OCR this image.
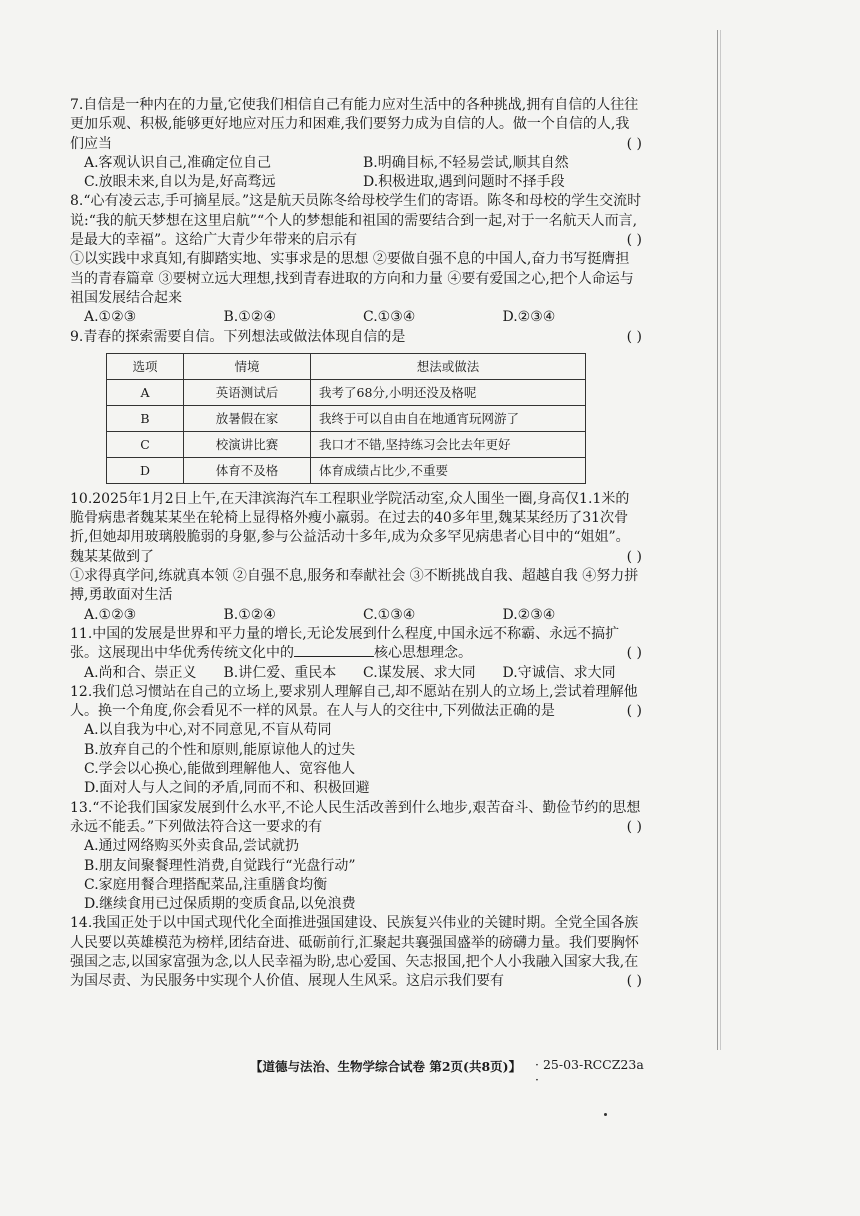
7.自信是一种内在的力量,它使我们相信自己有能力应对生活中的各种挑战,拥有自信的人往往更加乐观、积极,能够更好地应对压力和困难,我们要努力成为自信的人。做一个自信的人,我们应当	( )

A.客观认识自己,准确定位自己	B.明确目标,不轻易尝试,顺其自然
C.放眼未来,自以为是,好高骛远	D.积极进取,遇到问题时不择手段

8.“心有凌云志,手可摘星辰。”这是航天员陈冬给母校学生们的寄语。陈冬和母校的学生交流时说:“我的航天梦想在这里启航”“个人的梦想能和祖国的需要结合到一起,对于一名航天人而言,是最大的幸福”。这给广大青少年带来的启示有	( )

①以实践中求真知,有脚踏实地、实事求是的思想 ②要做自强不息的中国人,奋力书写挺膺担当的青春篇章 ③要树立远大理想,找到青春进取的方向和力量 ④要有爱国之心,把个人命运与祖国发展结合起来

A.①②③	B.①②④	C.①③④	D.②③④

9.青春的探索需要自信。下列想法或做法体现自信的是	( )

选项	情境	想法或做法
A	英语测试后	我考了68分,小明还没及格呢
B	放暑假在家	我终于可以自由自在地通宵玩网游了
C	校演讲比赛	我口才不错,坚持练习会比去年更好
D	体育不及格	体育成绩占比少,不重要

10.2025年1月2日上午,在天津滨海汽车工程职业学院活动室,众人围坐一圈,身高仅1.1米的脆骨病患者魏某某坐在轮椅上显得格外瘦小羸弱。在过去的40多年里,魏某某经历了31次骨折,但她却用玻璃般脆弱的身躯,参与公益活动十多年,成为众多罕见病患者心目中的“姐姐”。魏某某做到了	( )

①求得真学问,练就真本领 ②自强不息,服务和奉献社会 ③不断挑战自我、超越自我 ④努力拼搏,勇敢面对生活

A.①②③	B.①②④	C.①③④	D.②③④

11.中国的发展是世界和平力量的增长,无论发展到什么程度,中国永远不称霸、永远不搞扩张。这展现出中华优秀传统文化中的	核心思想理念。	( )

A.尚和合、崇正义	B.讲仁爱、重民本	C.谋发展、求大同	D.守诚信、求大同

12.我们总习惯站在自己的立场上,要求别人理解自己,却不愿站在别人的立场上,尝试着理解他人。换一个角度,你会看见不一样的风景。在人与人的交往中,下列做法正确的是	( )

A.以自我为中心,对不同意见,不盲从苟同

B.放弃自己的个性和原则,能原谅他人的过失

C.学会以心换心,能做到理解他人、宽容他人

D.面对人与人之间的矛盾,同而不和、积极回避

13.“不论我们国家发展到什么水平,不论人民生活改善到什么地步,艰苦奋斗、勤俭节约的思想永远不能丢。”下列做法符合这一要求的有	( )

A.通过网络购买外卖食品,尝试就扔

B.朋友间聚餐理性消费,自觉践行“光盘行动”

C.家庭用餐合理搭配菜品,注重膳食均衡

D.继续食用已过保质期的变质食品,以免浪费

14.我国正处于以中国式现代化全面推进强国建设、民族复兴伟业的关键时期。全党全国各族人民要以英雄模范为榜样,团结奋进、砥砺前行,汇聚起共襄强国盛举的磅礴力量。我们要胸怀强国之志,以国家富强为念,以人民幸福为盼,忠心爱国、矢志报国,把个人小我融入国家大我,在为国尽责、为民服务中实现个人价值、展现人生风采。这启示我们要有	( )

【道德与法治、生物学综合试卷 第2页(共8页)】 · 25-03-RCCZ23a ·
